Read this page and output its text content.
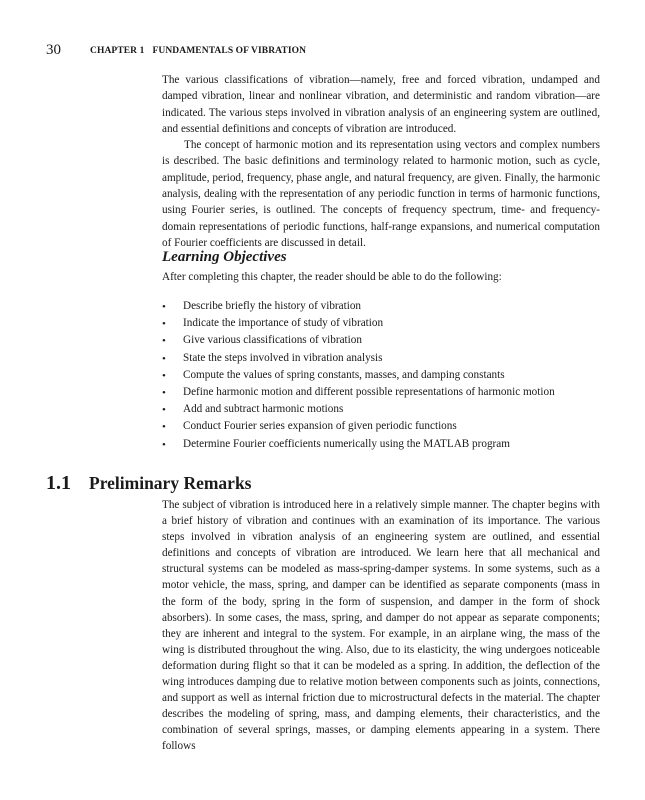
30	CHAPTER 1 FUNDAMENTALS OF VIBRATION

The various classifications of vibration—namely, free and forced vibration, undamped and damped vibration, linear and nonlinear vibration, and deterministic and random vibration—are indicated. The various steps involved in vibration analysis of an engineering system are outlined, and essential definitions and concepts of vibration are introduced.

The concept of harmonic motion and its representation using vectors and complex numbers is described. The basic definitions and terminology related to harmonic motion, such as cycle, amplitude, period, frequency, phase angle, and natural frequency, are given. Finally, the harmonic analysis, dealing with the representation of any periodic function in terms of harmonic functions, using Fourier series, is outlined. The concepts of frequency spectrum, time- and frequency-domain representations of periodic functions, half-range expansions, and numerical computation of Fourier coefficients are discussed in detail.

Learning Objectives
After completing this chapter, the reader should be able to do the following:
• Describe briefly the history of vibration
• Indicate the importance of study of vibration
• Give various classifications of vibration
• State the steps involved in vibration analysis
• Compute the values of spring constants, masses, and damping constants
• Define harmonic motion and different possible representations of harmonic motion
• Add and subtract harmonic motions
• Conduct Fourier series expansion of given periodic functions
• Determine Fourier coefficients numerically using the MATLAB program
1.1 Preliminary Remarks

The subject of vibration is introduced here in a relatively simple manner. The chapter begins with a brief history of vibration and continues with an examination of its importance. The various steps involved in vibration analysis of an engineering system are outlined, and essential definitions and concepts of vibration are introduced. We learn here that all mechanical and structural systems can be modeled as mass-spring-damper systems. In some systems, such as a motor vehicle, the mass, spring, and damper can be identified as separate components (mass in the form of the body, spring in the form of suspension, and damper in the form of shock absorbers). In some cases, the mass, spring, and damper do not appear as separate components; they are inherent and integral to the system. For example, in an airplane wing, the mass of the wing is distributed throughout the wing. Also, due to its elasticity, the wing undergoes noticeable deformation during flight so that it can be modeled as a spring. In addition, the deflection of the wing introduces damping due to relative motion between components such as joints, connections, and support as well as internal friction due to microstructural defects in the material. The chapter describes the modeling of spring, mass, and damping elements, their characteristics, and the combination of several springs, masses, or damping elements appearing in a system. There follows
